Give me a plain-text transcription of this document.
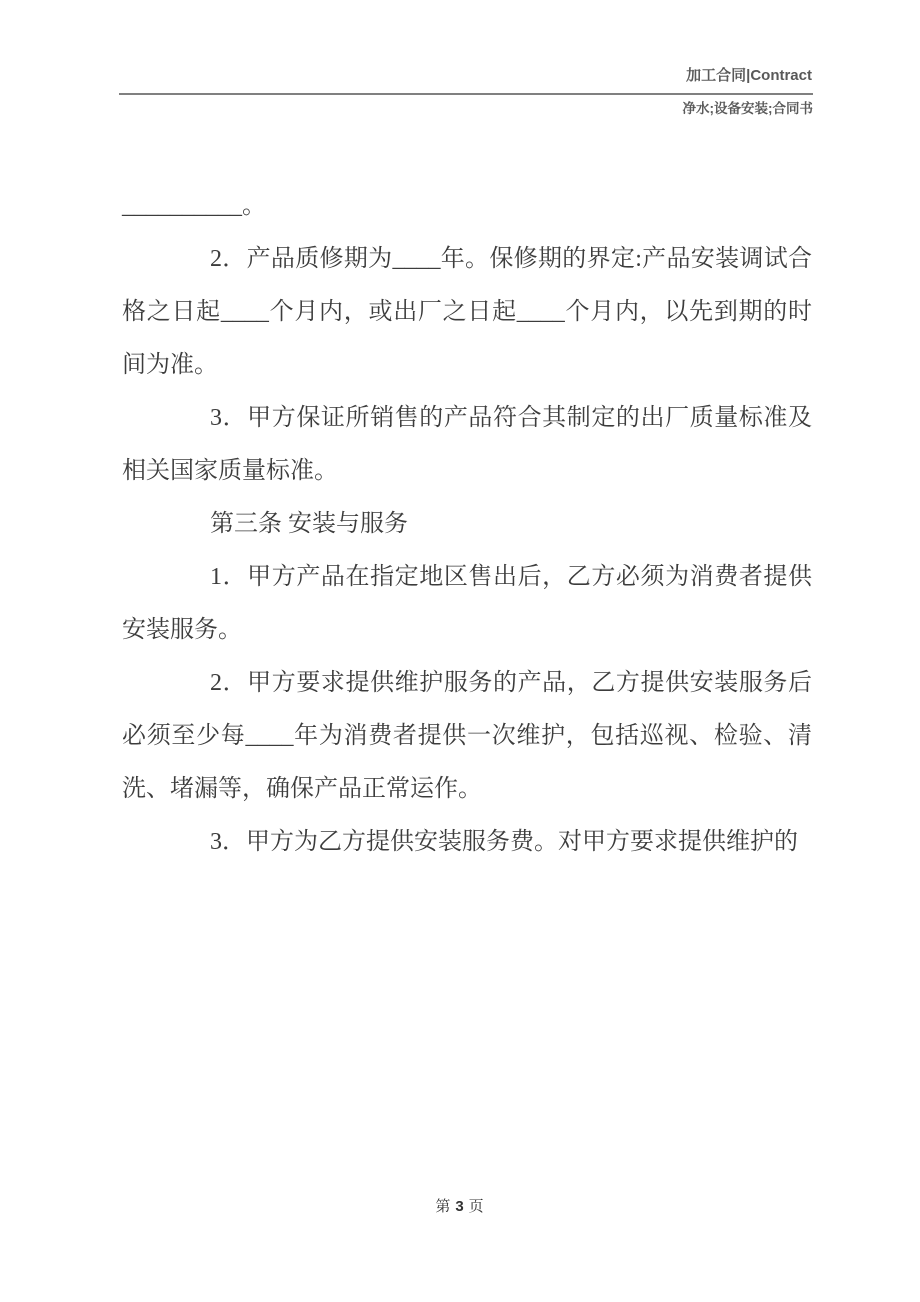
加工合同|Contract
净水;设备安装;合同书

__________。

2．产品质修期为____年。保修期的界定:产品安装调试合格之日起____个月内，或出厂之日起____个月内，以先到期的时间为准。

3．甲方保证所销售的产品符合其制定的出厂质量标准及相关国家质量标准。

第三条 安装与服务

1．甲方产品在指定地区售出后，乙方必须为消费者提供安装服务。

2．甲方要求提供维护服务的产品，乙方提供安装服务后必须至少每____年为消费者提供一次维护，包括巡视、检验、清洗、堵漏等，确保产品正常运作。

3．甲方为乙方提供安装服务费。对甲方要求提供维护的

第 3 页
